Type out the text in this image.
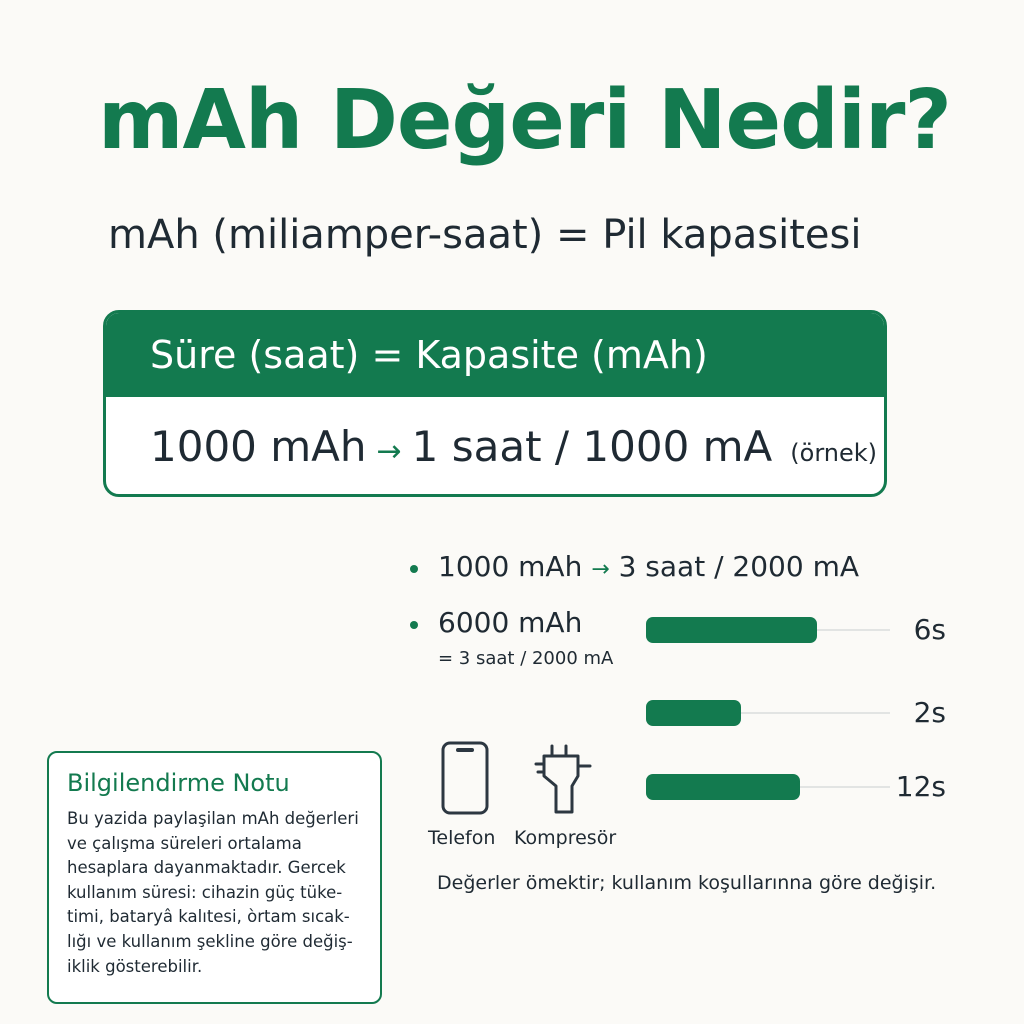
mAh Değeri Nedir?
mAh (miliamper-saat) = Pil kapasitesi
Süre (saat) = Kapasite (mAh)
1000 mAh → 1 saat / 1000 mA (örnek)
1000 mAh → 3 saat / 2000 mA
6000 mAh
= 3 saat / 2000 mA
6s
2s
12s
Telefon Kompresör
Değerler ömektir; kullanım koşullarınna göre değişir.
Bilgilendirme Notu
Bu yazida paylaşilan mAh değerleri
ve çalışma süreleri ortalama
hesaplara dayanmaktadır. Gercek
kullanım süresi: cihazin güç tüke-
timi, bataryâ kalıtesi, òrtam sıcak-
lığı ve kullanım şekline göre değiş-
iklik gösterebilir.
